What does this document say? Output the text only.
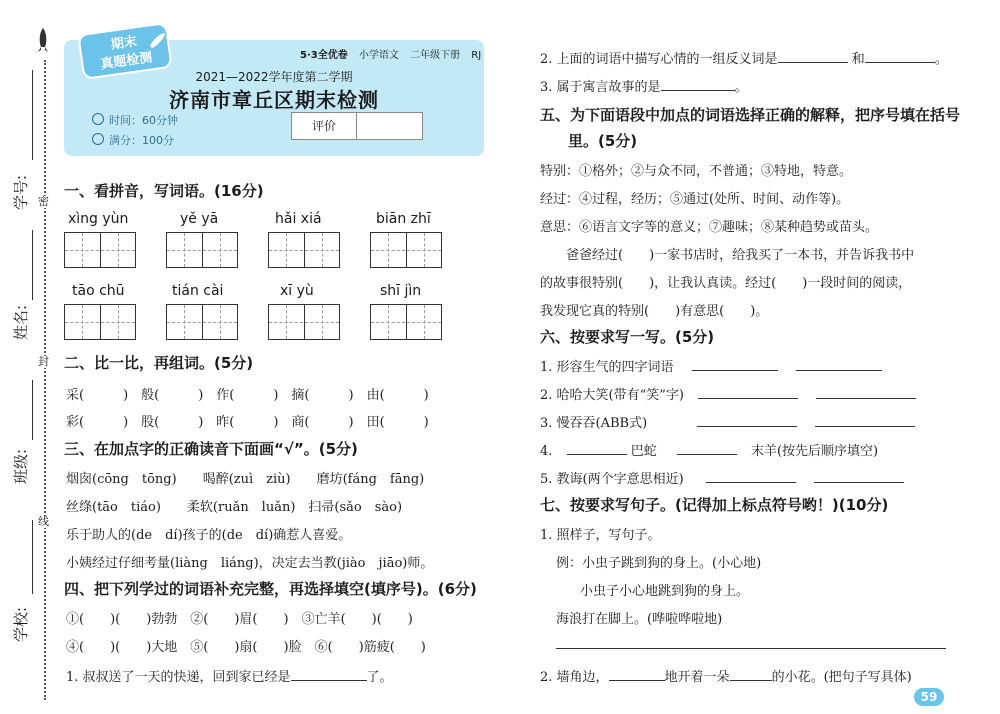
密
封
线
学号:
姓名:
班级:
学校:
期末
真题检测	5·3全优卷 小学语文 二年级下册 RJ
2021—2022学年度第二学期
济南市章丘区期末检测
时间：60分钟
满分：100分
评价
一、看拼音，写词语。(16分)
xìng yùn	yě yā	hǎi xiá	biān zhī
tāo chū	tián cài	xī yù	shī jìn
二、比一比，再组词。(5分)
采(　　　)　般(　　　)　作(　　　)　摘(　　　)　由(　　　)
彩(　　　)　股(　　　)　昨(　　　)　商(　　　)　田(　　　)
三、在加点字的正确读音下面画“√”。(5分)
烟囱(cōng　tōng)　　喝醉(zuì　ziù)　　磨坊(fáng　fāng)
丝绦(tāo　tiáo)　　柔软(ruǎn　luǎn)　扫帚(sǎo　sào)
乐于助人的(de　dí)孩子的(de　dí)确惹人喜爱。
小姨经过仔细考量(liàng　liáng)，决定去当教(jiào　jiāo)师。
四、把下列学过的词语补充完整，再选择填空(填序号)。(6分)
①(　　)(　　)勃勃　②(　　)眉(　　)　③亡羊(　　)(　　)
④(　　)(　　)大地　⑤(　　)扇(　　)脸　⑥(　　)筋疲(　　)
1. 叔叔送了一天的快递，回到家已经是	了。
2. 上面的词语中描写心情的一组反义词是	和	。
3. 属于寓言故事的是	。
五、为下面语段中加点的词语选择正确的解释，把序号填在括号
里。(5分)
特别：①格外；②与众不同，不普通；③特地，特意。
经过：④过程，经历；⑤通过(处所、时间、动作等)。
意思：⑥语言文字等的意义；⑦趣味；⑧某种趋势或苗头。
爸爸经过(　　)一家书店时，给我买了一本书，并告诉我书中
的故事很特别(　　)，让我认真读。经过(　　)一段时间的阅读，
我发现它真的特别(　　)有意思(　　)。
六、按要求写一写。(5分)
1. 形容生气的四字词语
2. 哈哈大笑(带有“笑”字)
3. 慢吞吞(ABB式)
4.	巴蛇	末羊(按先后顺序填空)
5. 教诲(两个字意思相近)
七、按要求写句子。(记得加上标点符号哟！)(10分)
1. 照样子，写句子。
例：小虫子跳到狗的身上。(小心地)
小虫子小心地跳到狗的身上。
海浪打在脚上。(哗啦哗啦地)
2. 墙角边，	地开着一朵	的小花。(把句子写具体)
59
